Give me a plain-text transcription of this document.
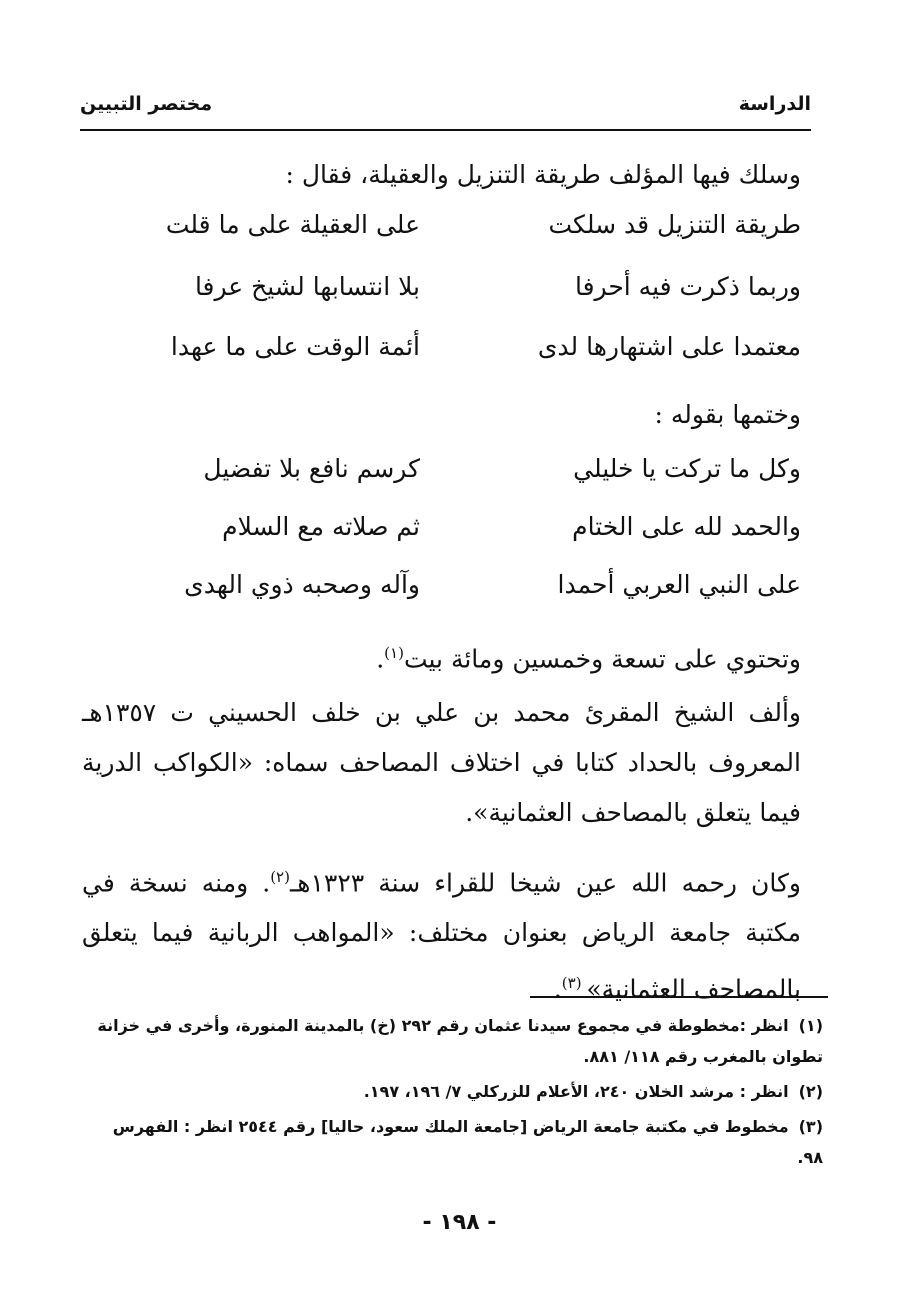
الدراسة
مختصر التبيين
وسلك فيها المؤلف طريقة التنزيل والعقيلة، فقال :
طريقة التنزيل قد سلكت
على العقيلة على ما قلت
وربما ذكرت فيه أحرفا
بلا انتسابها لشيخ عرفا
معتمدا على اشتهارها لدى
أئمة الوقت على ما عهدا
وختمها بقوله :
وكل ما تركت يا خليلي
كرسم نافع بلا تفضيل
والحمد لله على الختام
ثم صلاته مع السلام
على النبي العربي أحمدا
وآله وصحبه ذوي الهدى
وتحتوي على تسعة وخمسين ومائة بيت$^{(١)}$.

وألف الشيخ المقرئ محمد بن علي بن خلف الحسيني ت ١٣٥٧هـ المعروف بالحداد كتابا في اختلاف المصاحف سماه: «الكواكب الدرية فيما يتعلق بالمصاحف العثمانية».

وكان رحمه الله عين شيخا للقراء سنة ١٣٢٣هـ$^{(٢)}$. ومنه نسخة في مكتبة جامعة الرياض بعنوان مختلف: «المواهب الربانية فيما يتعلق بالمصاحف العثمانية» $^{(٣)}$.

(١)انظر :مخطوطة في مجموع سيدنا عثمان رقم ٢٩٢ (خ) بالمدينة المنورة، وأخرى في خزانة تطوان بالمغرب رقم ١١٨/ ٨٨١.

(٢)انظر : مرشد الخلان ٢٤٠، الأعلام للزركلي ٧/ ١٩٦، ١٩٧.

(٣)مخطوط في مكتبة جامعة الرياض [جامعة الملك سعود، حاليا] رقم ٢٥٤٤ انظر : الفهرس ٩٨.

- ١٩٨ -
